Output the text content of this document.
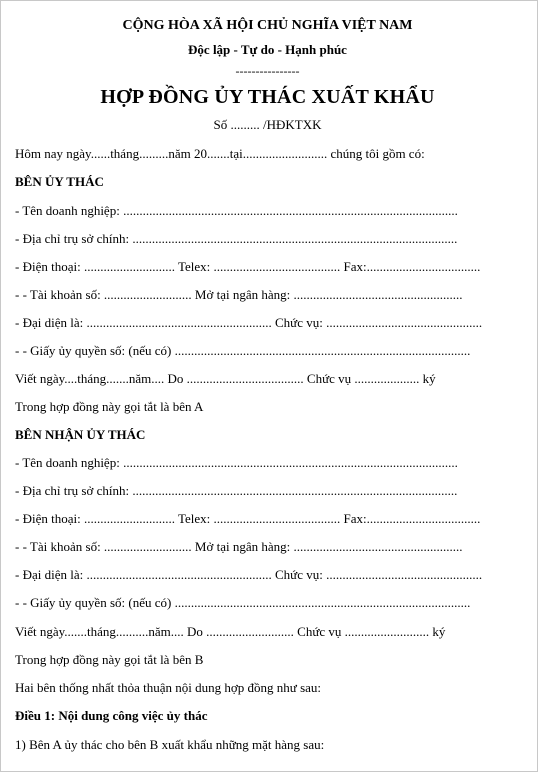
CỘNG HÒA XÃ HỘI CHỦ NGHĨA VIỆT NAM
Độc lập - Tự do - Hạnh phúc
----------------
HỢP ĐỒNG ỦY THÁC XUẤT KHẨU
Số ......... /HĐKTXK
Hôm nay ngày......tháng.........năm 20.......tại.......................... chúng tôi gồm có:
BÊN ỦY THÁC
- Tên doanh nghiệp: .......................................................................................................
- Địa chỉ trụ sở chính: ....................................................................................................
- Điện thoại: ............................ Telex: ....................................... Fax:...................................
- - Tài khoản số: ........................... Mở tại ngân hàng: ....................................................
- Đại diện là: ......................................................... Chức vụ: ................................................
- - Giấy ủy quyền số: (nếu có) ...........................................................................................
Viết ngày....tháng.......năm.... Do .................................... Chức vụ .................... ký
Trong hợp đồng này gọi tắt là bên A
BÊN NHẬN ỦY THÁC
- Tên doanh nghiệp: .......................................................................................................
- Địa chỉ trụ sở chính: ....................................................................................................
- Điện thoại: ............................ Telex: ....................................... Fax:...................................
- - Tài khoản số: ........................... Mở tại ngân hàng: ....................................................
- Đại diện là: ......................................................... Chức vụ: ................................................
- - Giấy ủy quyền số: (nếu có) ...........................................................................................
Viết ngày.......tháng..........năm.... Do ........................... Chức vụ .......................... ký
Trong hợp đồng này gọi tắt là bên B
Hai bên thống nhất thỏa thuận nội dung hợp đồng như sau:
Điều 1: Nội dung công việc ủy thác
1) Bên A ủy thác cho bên B xuất khẩu những mặt hàng sau:
